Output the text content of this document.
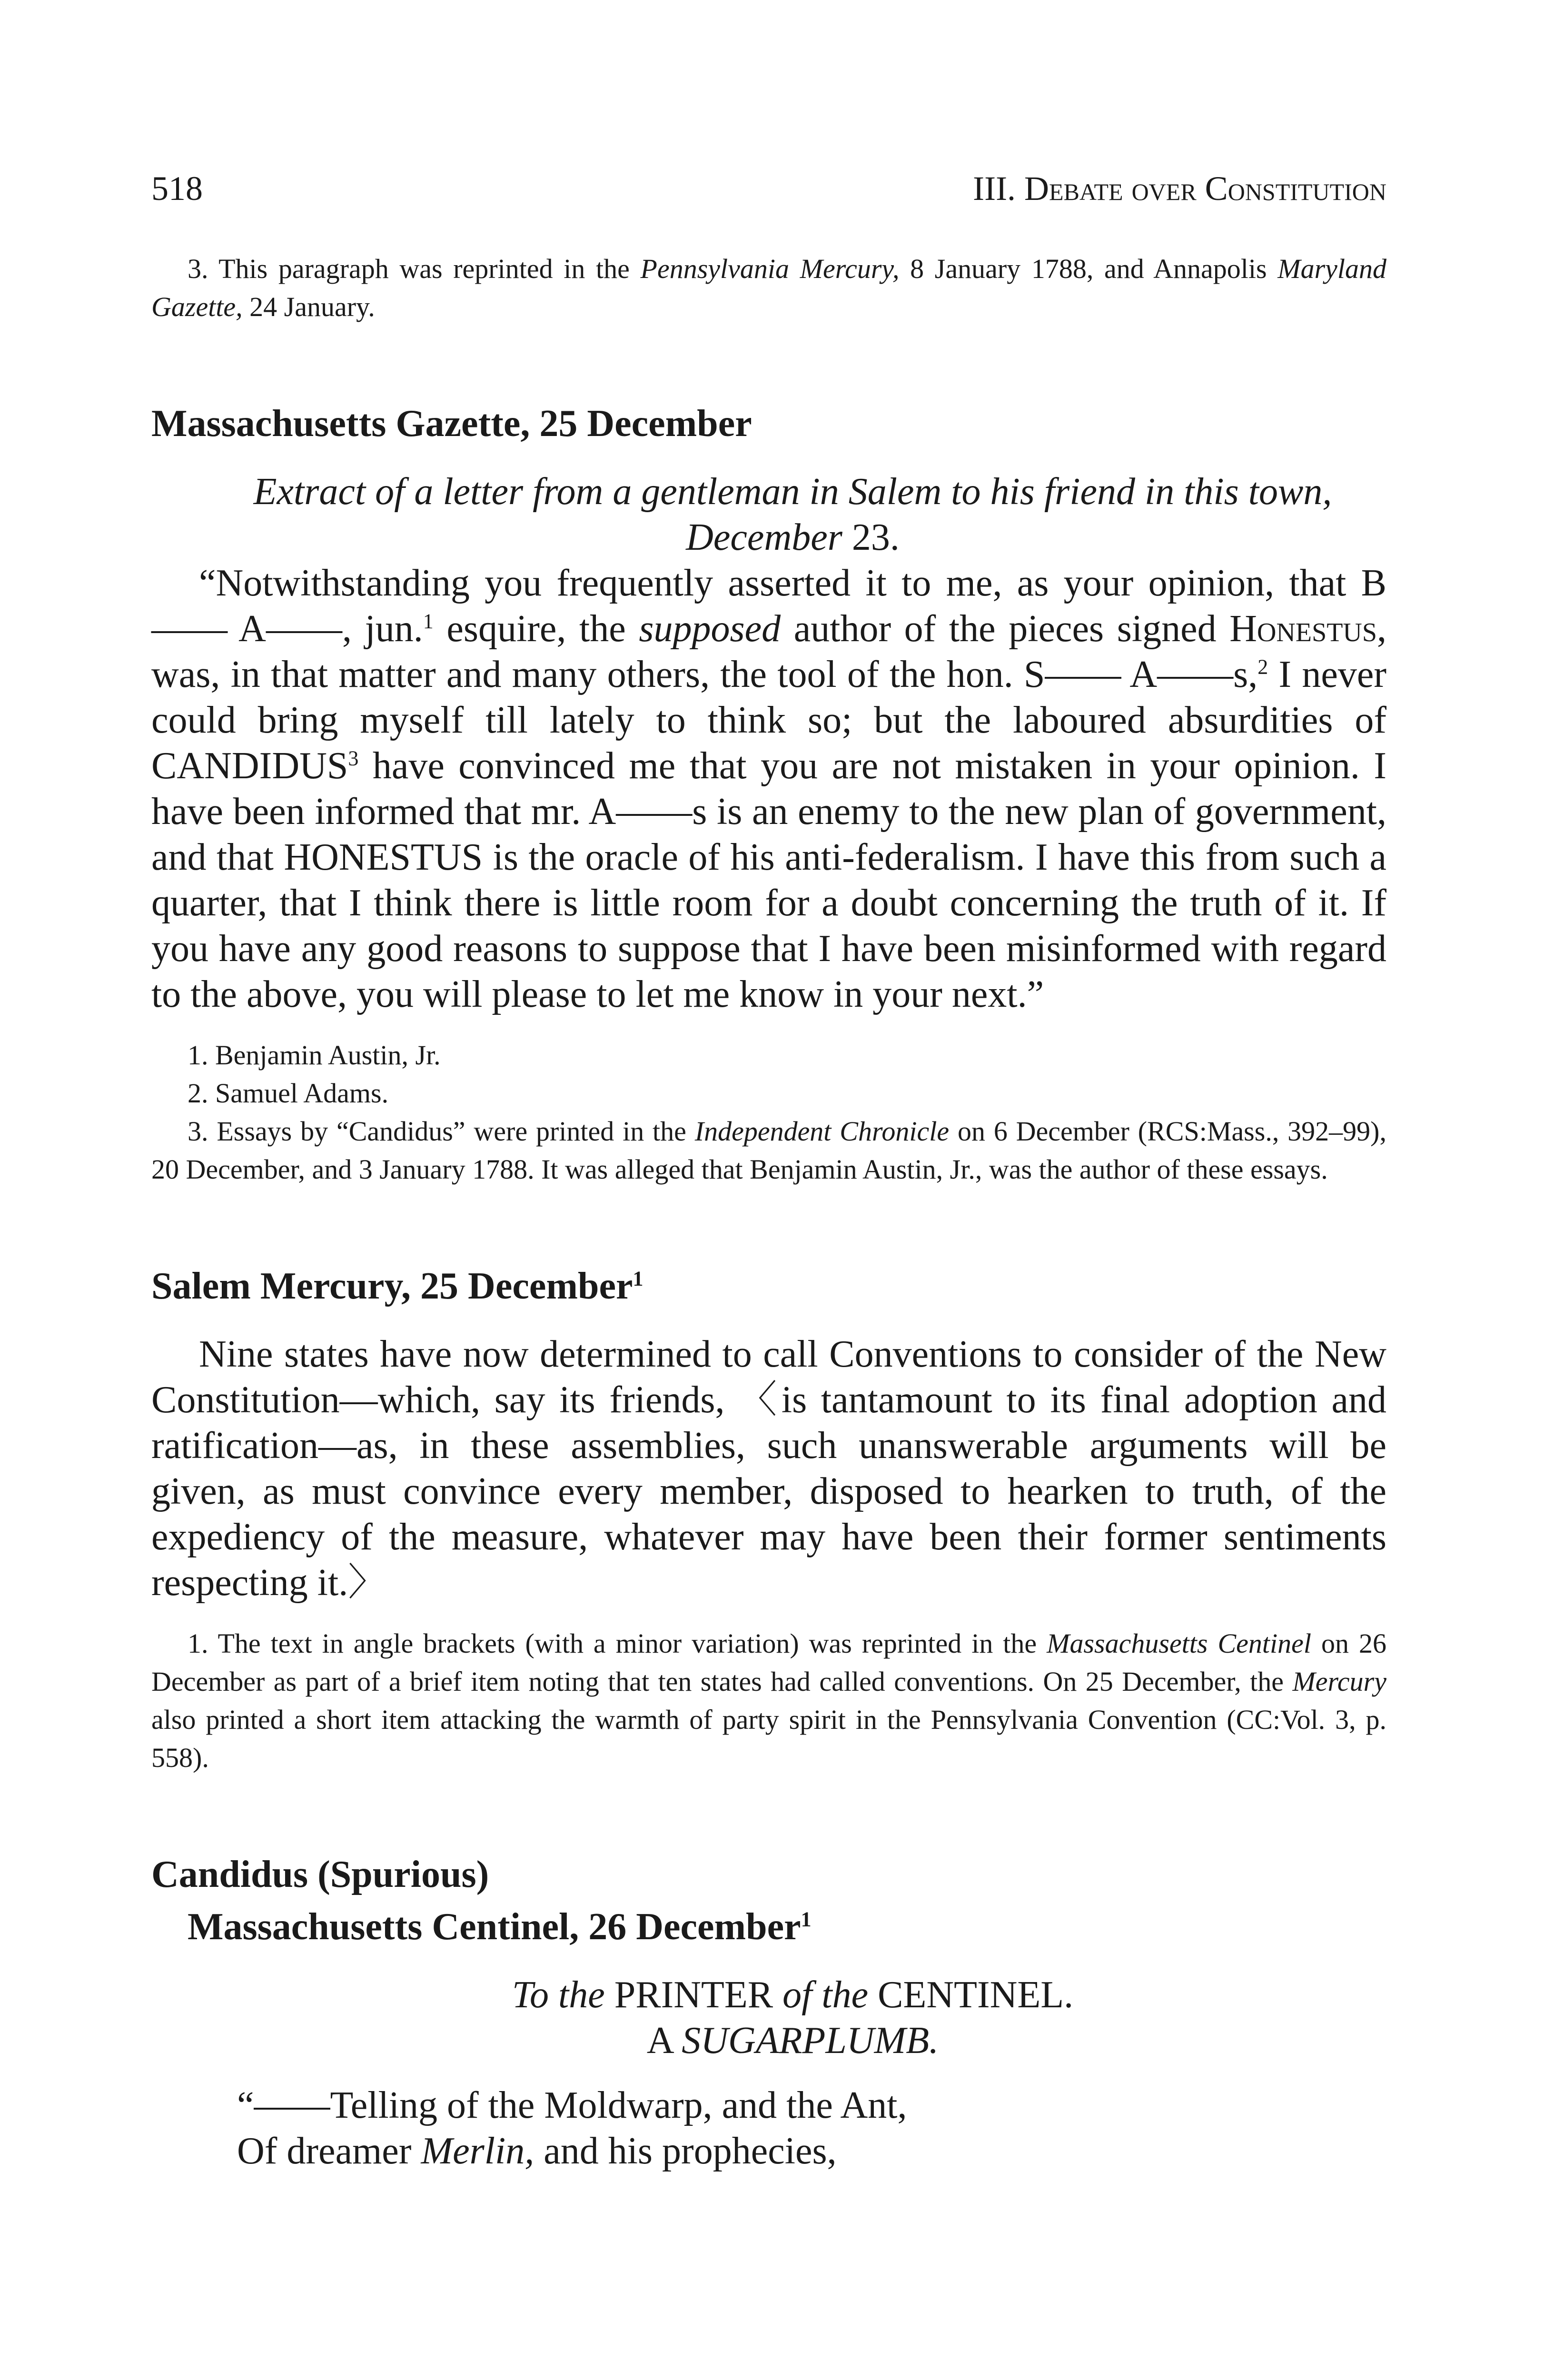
518	III. Debate over Constitution

3. This paragraph was reprinted in the Pennsylvania Mercury, 8 January 1788, and Annapolis Maryland Gazette, 24 January.

Massachusetts Gazette, 25 December

Extract of a letter from a gentleman in Salem to his friend in this town,
December 23.

“Notwithstanding you frequently asserted it to me, as your opinion, that B—— A——, jun.$^1$ esquire, the supposed author of the pieces signed Honestus, was, in that matter and many others, the tool of the hon. S—— A——s,$^2$ I never could bring myself till lately to think so; but the laboured absurdities of CANDIDUS$^3$ have convinced me that you are not mistaken in your opinion. I have been informed that mr. A——s is an enemy to the new plan of government, and that HONESTUS is the oracle of his anti-federalism. I have this from such a quarter, that I think there is little room for a doubt concerning the truth of it. If you have any good reasons to suppose that I have been misinformed with regard to the above, you will please to let me know in your next.”

1. Benjamin Austin, Jr.
2. Samuel Adams.
3. Essays by “Candidus” were printed in the Independent Chronicle on 6 December (RCS:Mass., 392–99), 20 December, and 3 January 1788. It was alleged that Benjamin Austin, Jr., was the author of these essays.
Salem Mercury, 25 December$^1$

Nine states have now determined to call Conventions to consider of the New Constitution—which, say its friends, 〈is tantamount to its final adoption and ratification—as, in these assemblies, such unanswerable arguments will be given, as must convince every member, disposed to hearken to truth, of the expediency of the measure, whatever may have been their former sentiments respecting it.〉

1. The text in angle brackets (with a minor variation) was reprinted in the Massachusetts Centinel on 26 December as part of a brief item noting that ten states had called conventions. On 25 December, the Mercury also printed a short item attacking the warmth of party spirit in the Pennsylvania Convention (CC:Vol. 3, p. 558).

Candidus (Spurious)

Massachusetts Centinel, 26 December$^1$

To the PRINTER of the CENTINEL.
A SUGARPLUMB.

“——Telling of the Moldwarp, and the Ant,

Of dreamer Merlin, and his prophecies,
